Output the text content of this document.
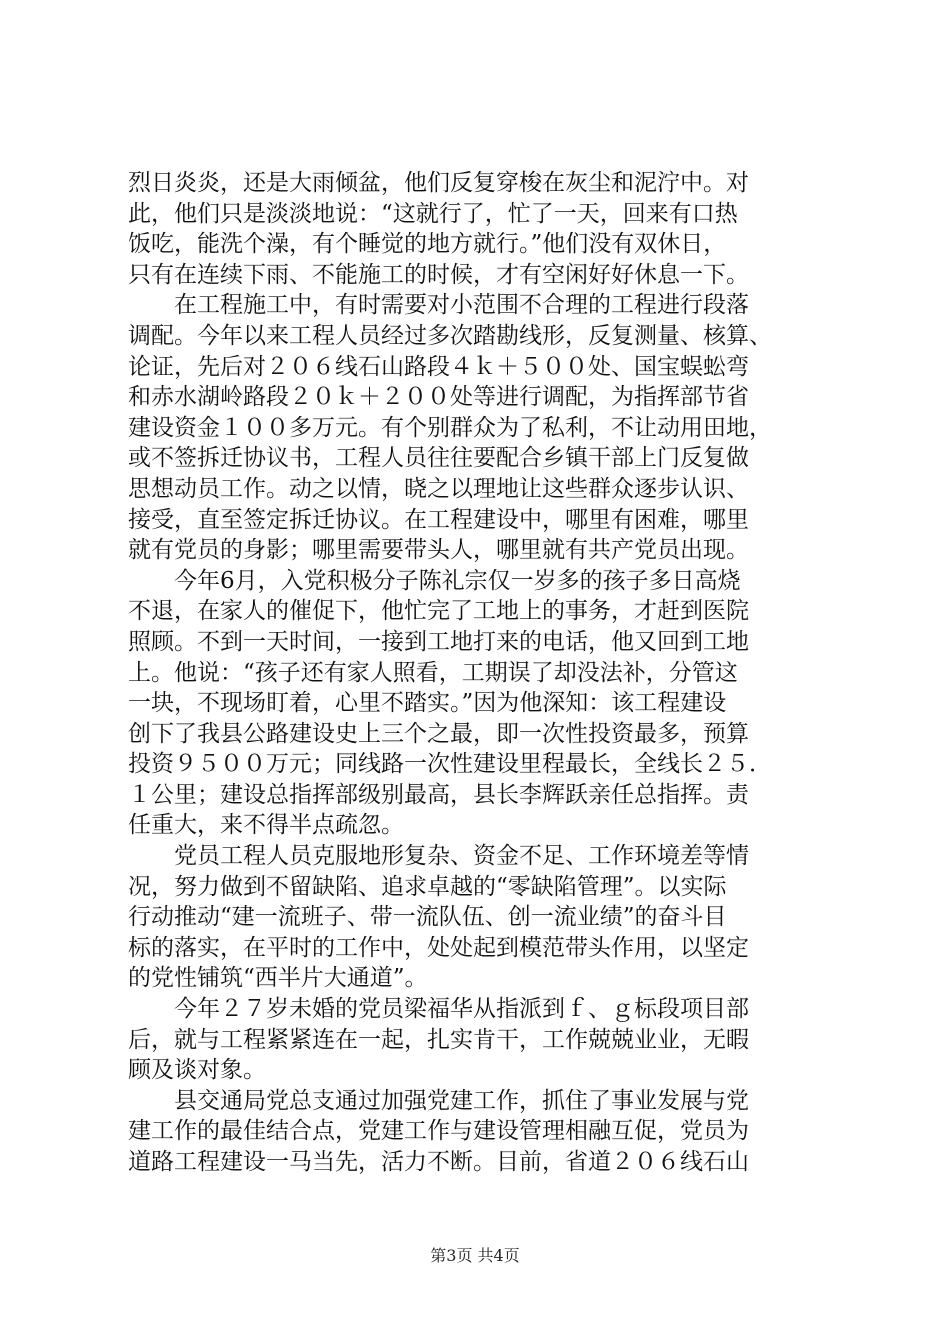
烈日炎炎，还是大雨倾盆，他们反复穿梭在灰尘和泥泞中。对
此，他们只是淡淡地说：“这就行了，忙了一天，回来有口热
饭吃，能洗个澡，有个睡觉的地方就行。”他们没有双休日，
只有在连续下雨、不能施工的时候，才有空闲好好休息一下。
在工程施工中，有时需要对小范围不合理的工程进行段落
调配。今年以来工程人员经过多次踏勘线形，反复测量、核算、
论证，先后对２０６线石山路段４ｋ＋５００处、国宝蜈蚣弯
和赤水湖岭路段２０ｋ＋２００处等进行调配，为指挥部节省
建设资金１００多万元。有个别群众为了私利，不让动用田地，
或不签拆迁协议书，工程人员往往要配合乡镇干部上门反复做
思想动员工作。动之以情，晓之以理地让这些群众逐步认识、
接受，直至签定拆迁协议。在工程建设中，哪里有困难，哪里
就有党员的身影；哪里需要带头人，哪里就有共产党员出现。
今年6月，入党积极分子陈礼宗仅一岁多的孩子多日高烧
不退，在家人的催促下，他忙完了工地上的事务，才赶到医院
照顾。不到一天时间，一接到工地打来的电话，他又回到工地
上。他说：“孩子还有家人照看，工期误了却没法补，分管这
一块，不现场盯着，心里不踏实。”因为他深知：该工程建设
创下了我县公路建设史上三个之最，即一次性投资最多，预算
投资９５００万元；同线路一次性建设里程最长，全线长２５．
１公里；建设总指挥部级别最高，县长李辉跃亲任总指挥。责
任重大，来不得半点疏忽。
党员工程人员克服地形复杂、资金不足、工作环境差等情
况，努力做到不留缺陷、追求卓越的“零缺陷管理”。以实际
行动推动“建一流班子、带一流队伍、创一流业绩”的奋斗目
标的落实，在平时的工作中，处处起到模范带头作用，以坚定
的党性铺筑“西半片大通道”。
今年２７岁未婚的党员梁福华从指派到ｆ、ｇ标段项目部
后，就与工程紧紧连在一起，扎实肯干，工作兢兢业业，无暇
顾及谈对象。
县交通局党总支通过加强党建工作，抓住了事业发展与党
建工作的最佳结合点，党建工作与建设管理相融互促，党员为
道路工程建设一马当先，活力不断。目前，省道２０６线石山
第3页 共4页
